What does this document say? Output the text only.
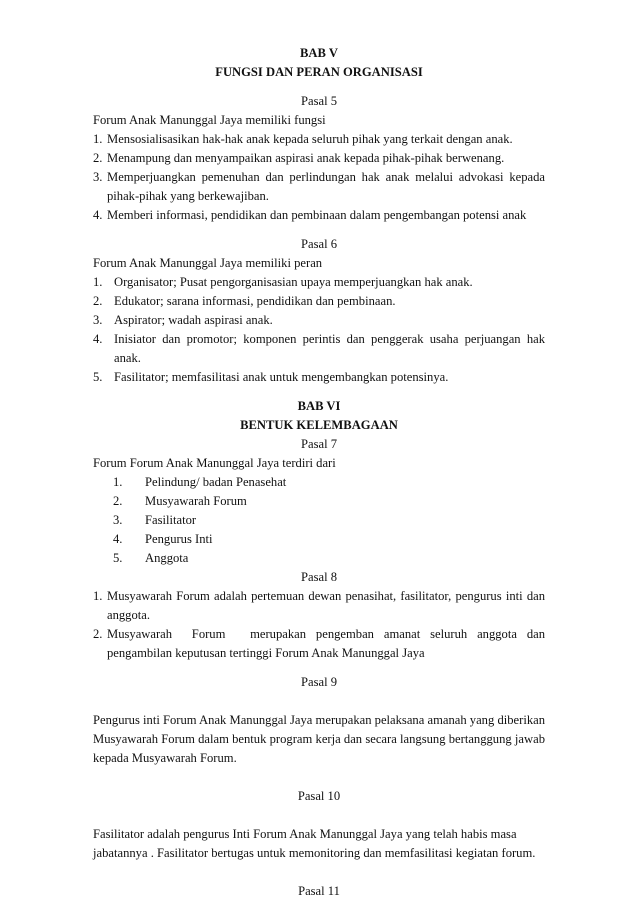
BAB V
FUNGSI DAN PERAN ORGANISASI
Pasal 5
Forum Anak Manunggal Jaya memiliki fungsi
1. Mensosialisasikan hak-hak anak kepada seluruh pihak yang terkait dengan anak.
2. Menampung dan menyampaikan aspirasi anak kepada pihak-pihak berwenang.
3. Memperjuangkan pemenuhan dan perlindungan hak anak melalui advokasi kepada
pihak-pihak yang berkewajiban.
4. Memberi informasi, pendidikan dan pembinaan dalam pengembangan potensi anak
Pasal 6
Forum Anak Manunggal Jaya memiliki peran
1. Organisator; Pusat pengorganisasian upaya memperjuangkan hak anak.
2. Edukator; sarana informasi, pendidikan dan pembinaan.
3. Aspirator; wadah aspirasi anak.
4. Inisiator dan promotor; komponen perintis dan penggerak usaha perjuangan hak
anak.
5. Fasilitator; memfasilitasi anak untuk mengembangkan potensinya.
BAB VI
BENTUK KELEMBAGAAN
Pasal 7
Forum Forum Anak Manunggal Jaya terdiri dari
1.	Pelindung/ badan Penasehat
2.	Musyawarah Forum
3.	Fasilitator
4.	Pengurus Inti
5.	Anggota
Pasal 8
1. Musyawarah Forum adalah pertemuan dewan penasihat, fasilitator, pengurus inti dan
anggota.
2. Musyawarah    Forum     merupakan  pengemban  amanat  seluruh  anggota  dan
pengambilan keputusan tertinggi Forum Anak Manunggal Jaya
Pasal 9
Pengurus inti Forum Anak Manunggal Jaya merupakan pelaksana amanah yang diberikan
Musyawarah Forum dalam bentuk program kerja dan secara langsung bertanggung jawab
kepada Musyawarah Forum.
Pasal 10
Fasilitator adalah pengurus Inti Forum Anak Manunggal Jaya yang telah habis masa
jabatannya . Fasilitator bertugas untuk memonitoring dan memfasilitasi kegiatan forum.
Pasal 11
